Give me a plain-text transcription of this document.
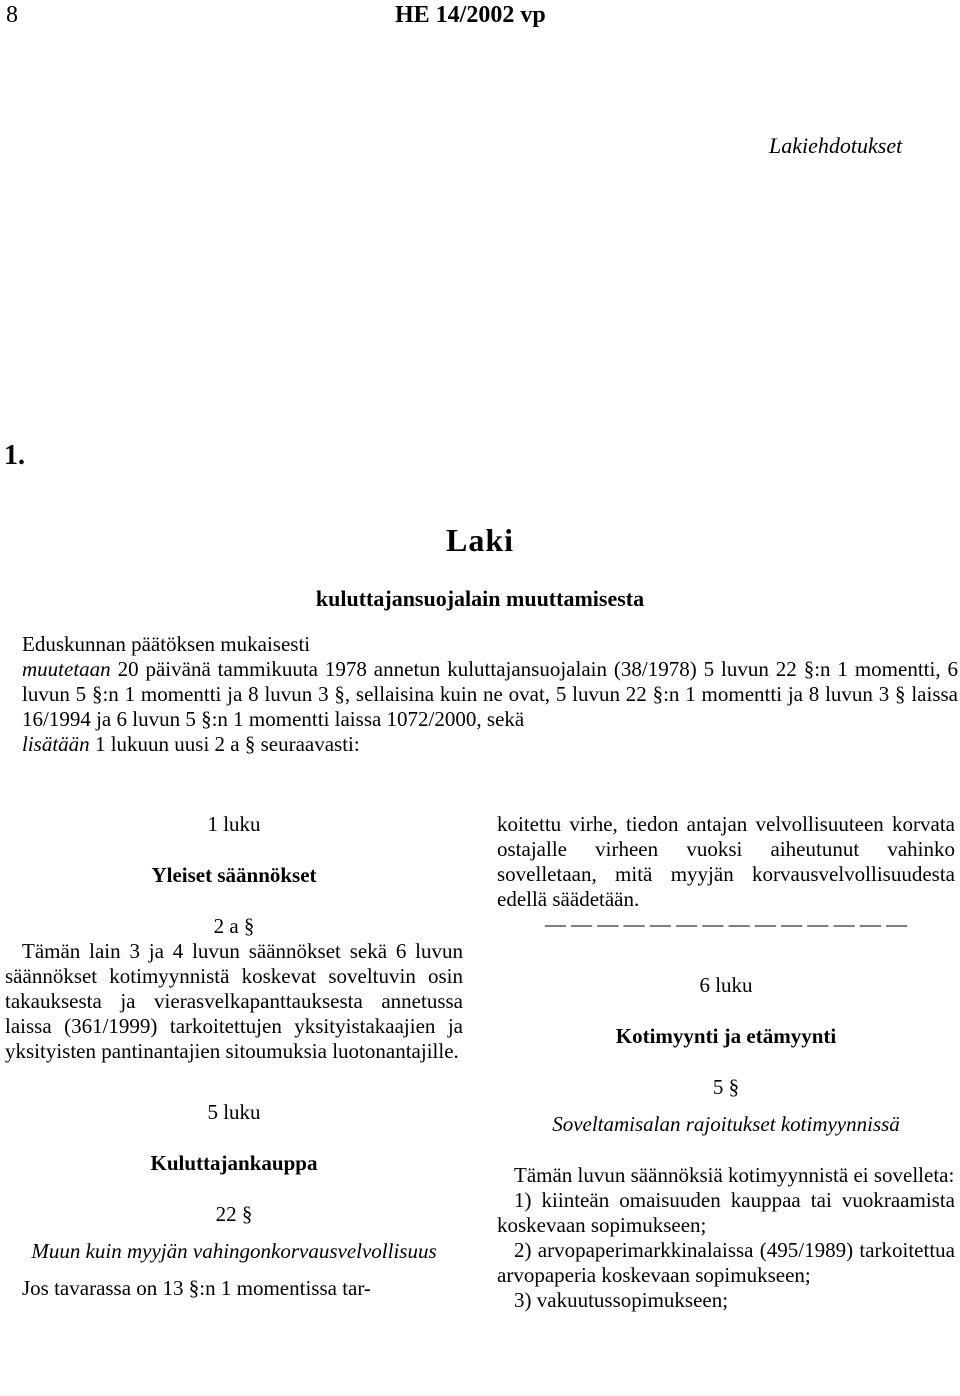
8	HE 14/2002 vp
Lakiehdotukset
1.
Laki
kuluttajansuojalain muuttamisesta

Eduskunnan päätöksen mukaisesti

muutetaan 20 päivänä tammikuuta 1978 annetun kuluttajansuojalain (38/1978) 5 luvun 22 §:n 1 momentti, 6 luvun 5 §:n 1 momentti ja 8 luvun 3 §, sellaisina kuin ne ovat, 5 luvun 22 §:n 1 momentti ja 8 luvun 3 § laissa 16/1994 ja 6 luvun 5 §:n 1 momentti laissa 1072/2000, sekä

lisätään 1 lukuun uusi 2 a § seuraavasti:

1 luku

Yleiset säännökset

2 a §

Tämän lain 3 ja 4 luvun säännökset sekä 6 luvun säännökset kotimyynnistä koskevat soveltuvin osin takauksesta ja vierasvelkapanttauksesta annetussa laissa (361/1999) tarkoitettujen yksityistakaajien ja yksityisten pantinantajien sitoumuksia luotonantajille.

5 luku

Kuluttajankauppa

22 §

Muun kuin myyjän vahingonkorvausvelvollisuus

Jos tavarassa on 13 §:n 1 momentissa tar-

koitettu virhe, tiedon antajan velvollisuuteen korvata ostajalle virheen vuoksi aiheutunut vahinko sovelletaan, mitä myyjän korvausvelvollisuudesta edellä säädetään.

— — — — — — — — — — — — — —

6 luku

Kotimyynti ja etämyynti

5 §

Soveltamisalan rajoitukset kotimyynnissä

Tämän luvun säännöksiä kotimyynnistä ei sovelleta:

1) kiinteän omaisuuden kauppaa tai vuokraamista koskevaan sopimukseen;

2) arvopaperimarkkinalaissa (495/1989) tarkoitettua arvopaperia koskevaan sopimukseen;

3) vakuutussopimukseen;
